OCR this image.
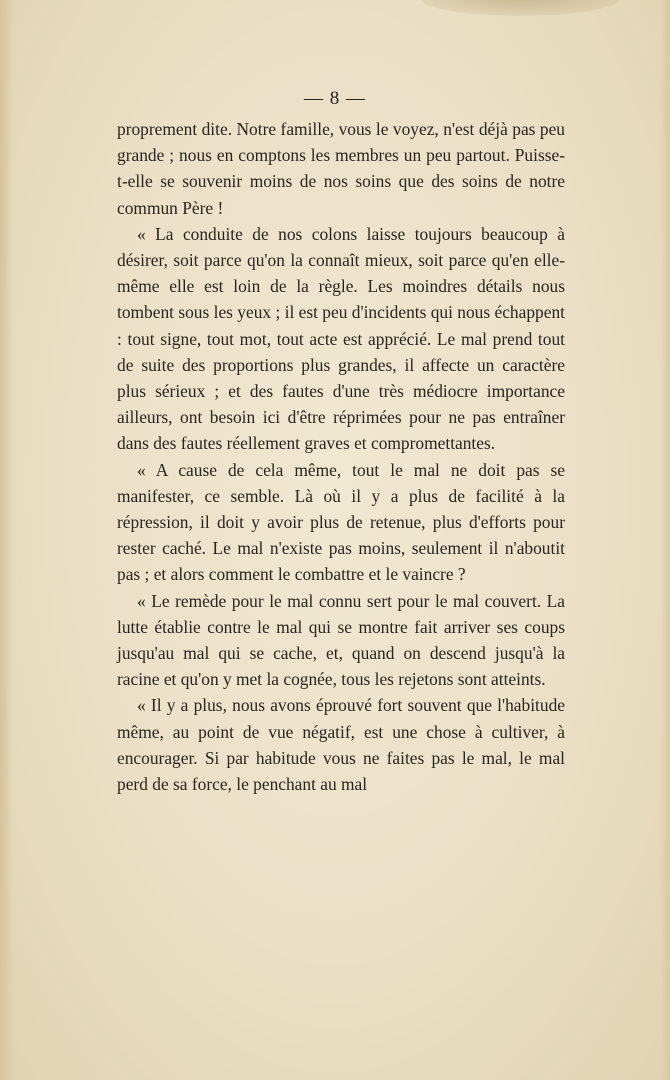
— 8 —

proprement dite. Notre famille, vous le voyez, n'est déjà pas peu grande ; nous en comptons les membres un peu partout. Puisse-t-elle se souvenir moins de nos soins que des soins de notre commun Père !

« La conduite de nos colons laisse toujours beaucoup à désirer, soit parce qu'on la connaît mieux, soit parce qu'en elle-même elle est loin de la règle. Les moindres détails nous tombent sous les yeux ; il est peu d'incidents qui nous échappent : tout signe, tout mot, tout acte est apprécié. Le mal prend tout de suite des proportions plus grandes, il affecte un caractère plus sérieux ; et des fautes d'une très médiocre importance ailleurs, ont besoin ici d'être réprimées pour ne pas entraîner dans des fautes réellement graves et compromettantes.

« A cause de cela même, tout le mal ne doit pas se manifester, ce semble. Là où il y a plus de facilité à la répression, il doit y avoir plus de retenue, plus d'efforts pour rester caché. Le mal n'existe pas moins, seulement il n'aboutit pas ; et alors comment le combattre et le vaincre ?

« Le remède pour le mal connu sert pour le mal couvert. La lutte établie contre le mal qui se montre fait arriver ses coups jusqu'au mal qui se cache, et, quand on descend jusqu'à la racine et qu'on y met la cognée, tous les rejetons sont atteints.

« Il y a plus, nous avons éprouvé fort souvent que l'habitude même, au point de vue négatif, est une chose à cultiver, à encourager. Si par habitude vous ne faites pas le mal, le mal perd de sa force, le penchant au mal
